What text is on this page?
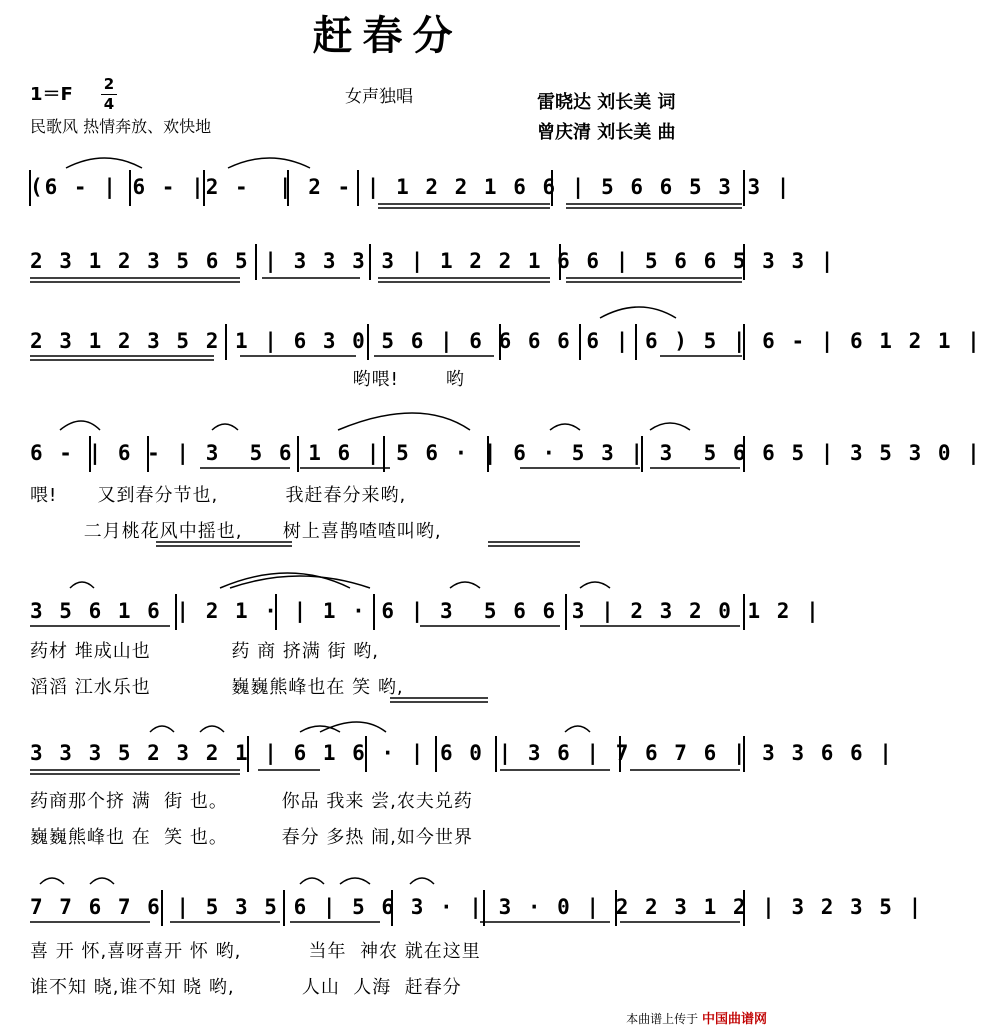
赶春分
1＝F 2
4	女声独唱
民歌风 热情奔放、欢快地
雷晓达 刘长美 词
曾庆清 刘长美 曲
(6 - | 6 - |2 -  | 2 - | 1 2 2 1 6 6 | 5 6 6 5 3 3 |
2 3 1 2 3 5 6 5 | 3 3 3 3 | 1 2 2 1 6 6 | 5 6 6 5 3 3 |
2 3 1 2 3 5 2 1 | 6 3 0 5 6 | 6 6 6 6 6 | 6 ) 5 | 6 - | 6 1 2 1 |
哟喂!       哟
6 - | 6 - | 3  5 6 1 6 | 5 6 · | 6 · 5 3 | 3  5 6 6 5 | 3 5 3 0 |
喂!      又到春分节也,          我赶春分来哟,
二月桃花风中摇也,      树上喜鹊喳喳叫哟,
3 5 6 1 6 | 2 1 · | 1 · 6 | 3  5 6 6 3 | 2 3 2 0 1 2 |
药材 堆成山也            药 商 挤满 街 哟,
滔滔 江水乐也            巍巍熊峰也在 笑 哟,
3 3 3 5 2 3 2 1 | 6 1 6 · | 6 0 | 3 6 | 7 6 7 6 | 3 3 6 6 |
药商那个挤 满  街 也。        你品 我来 尝,农夫兑药
巍巍熊峰也 在  笑 也。        春分 多热 闹,如今世界
7 7 6 7 6 | 5 3 5 6 | 5 6 3 · | 3 · 0 | 2 2 3 1 2 | 3 2 3 5 |
喜 开 怀,喜呀喜开 怀 哟,          当年  神农 就在这里
谁不知 晓,谁不知 晓 哟,          人山  人海  赶春分
本曲谱上传于 中国曲谱网
